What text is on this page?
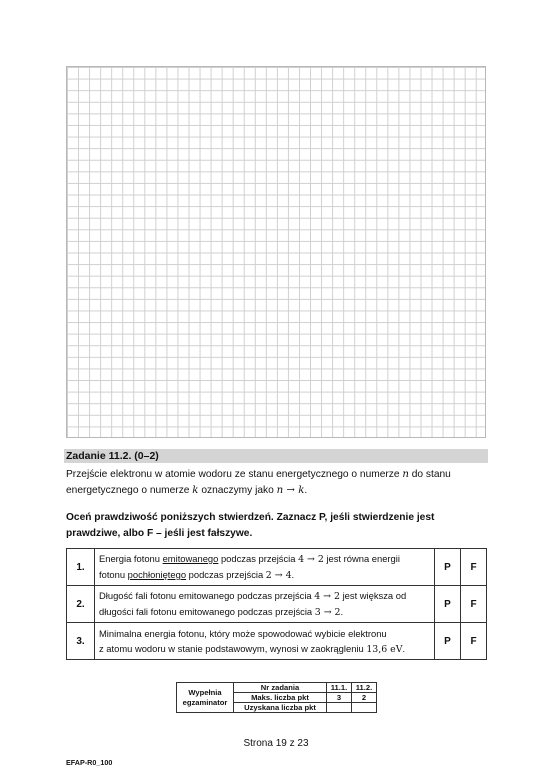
Zadanie 11.2. (0–2)
Przejście elektronu w atomie wodoru ze stanu energetycznego o numerze n do stanu
energetycznego o numerze k oznaczymy jako n → k.
Oceń prawdziwość poniższych stwierdzeń. Zaznacz P, jeśli stwierdzenie jest
prawdziwe, albo F – jeśli jest fałszywe.
1.	Energia fotonu emitowanego podczas przejścia 4 → 2 jest równa energii
fotonu pochłoniętego podczas przejścia 2 → 4.	P	F
2.	Długość fali fotonu emitowanego podczas przejścia 4 → 2 jest większa od
długości fali fotonu emitowanego podczas przejścia 3 → 2.	P	F
3.	Minimalna energia fotonu, który może spowodować wybicie elektronu
z atomu wodoru w stanie podstawowym, wynosi w zaokrągleniu 13,6 eV.	P	F
Wypełnia
egzaminator	Nr zadania	11.1.	11.2.
	Maks. liczba pkt	3	2
	Uzyskana liczba pkt		
Strona 19 z 23
EFAP-R0_100
